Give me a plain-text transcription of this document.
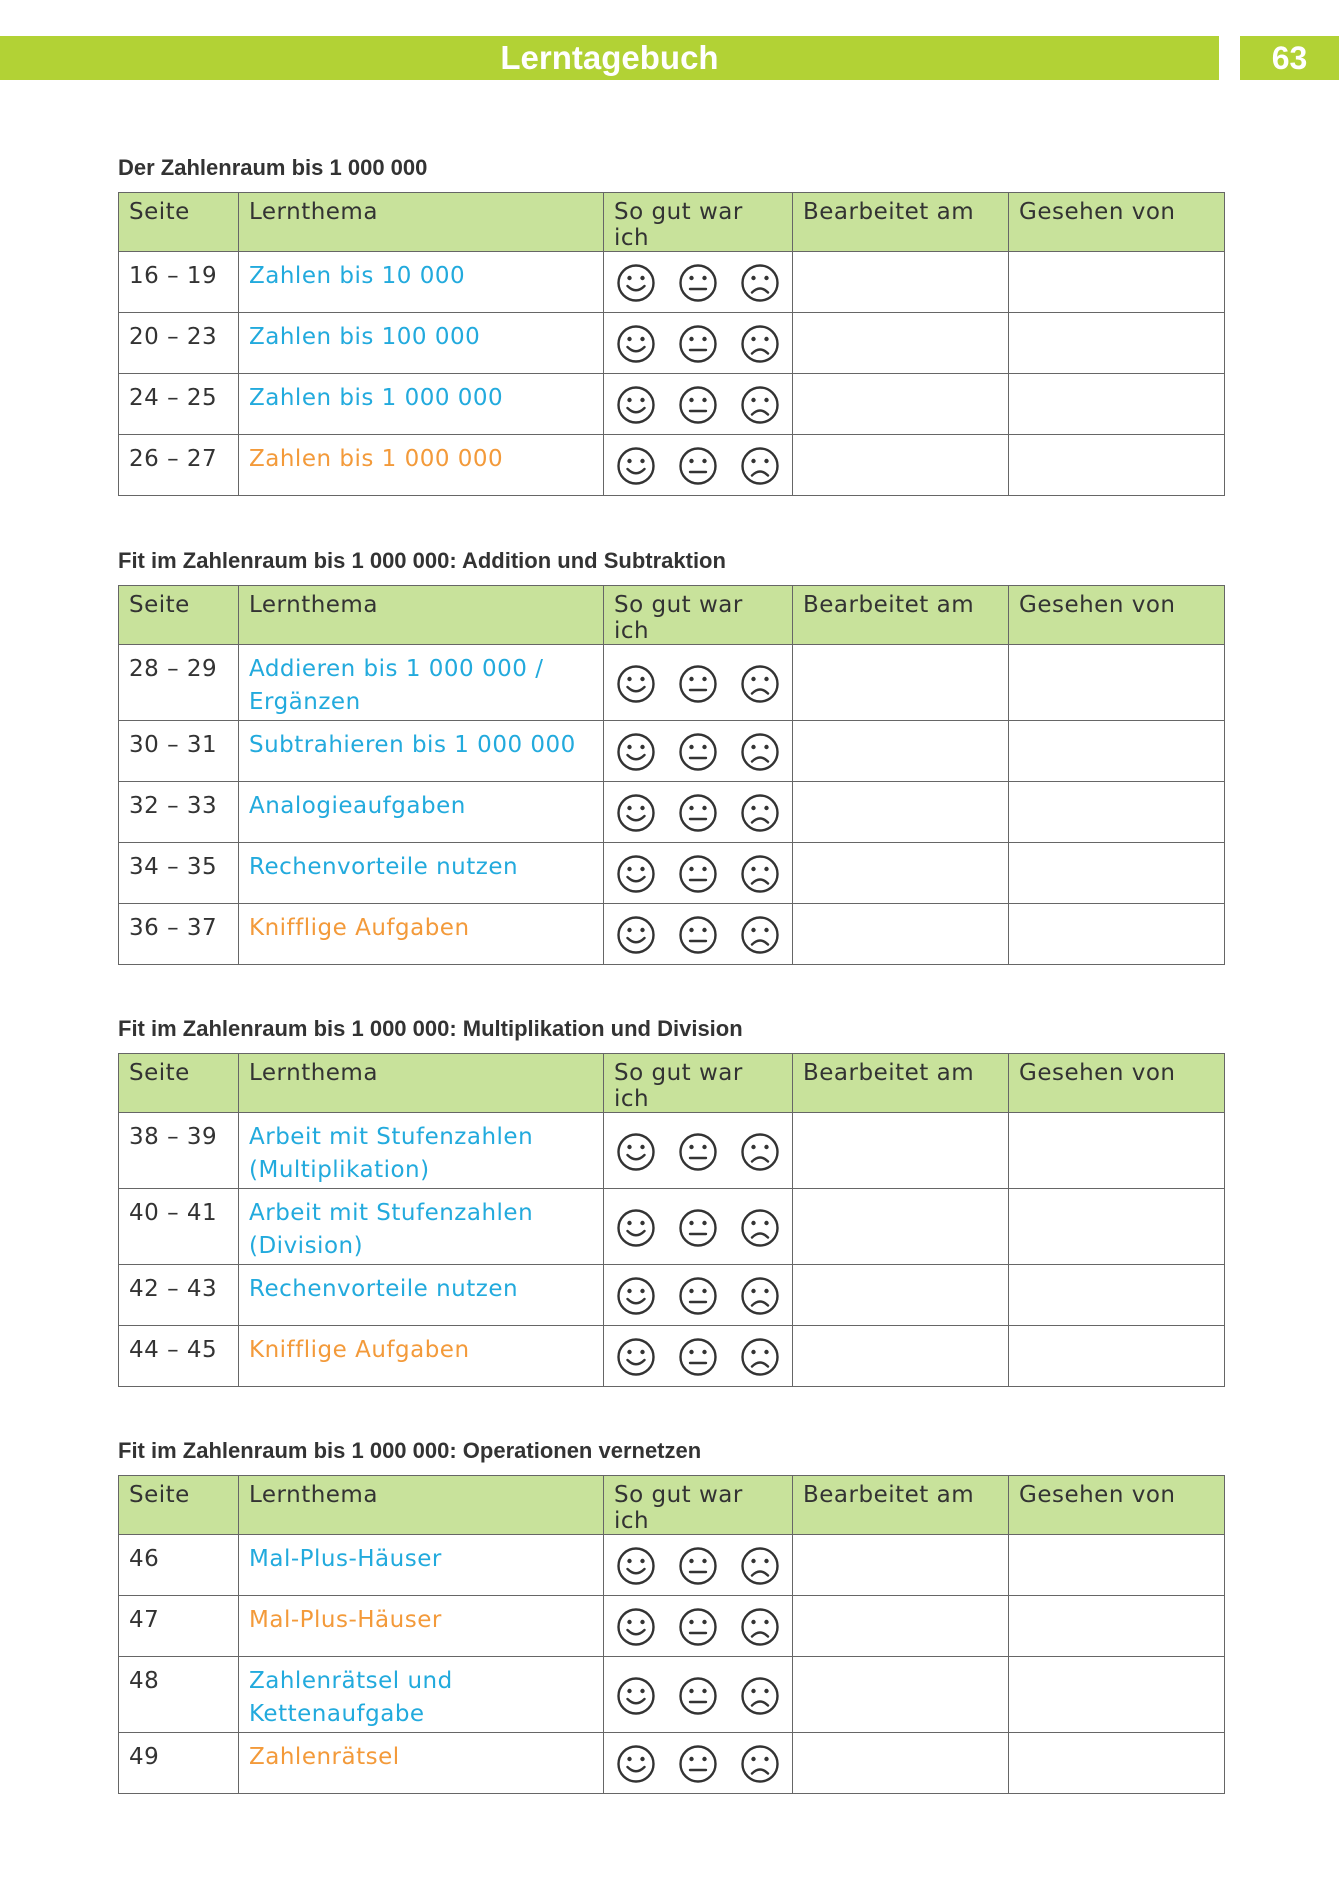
Lerntagebuch	63
Der Zahlenraum bis 1 000 000
Seite	Lernthema	So gut war ich	Bearbeitet am	Gesehen von
16 – 19	Zahlen bis 10 000	

20 – 23	Zahlen bis 100 000	

24 – 25	Zahlen bis 1 000 000	

26 – 27	Zahlen bis 1 000 000	

Fit im Zahlenraum bis 1 000 000: Addition und Subtraktion
Seite	Lernthema	So gut war ich	Bearbeitet am	Gesehen von
28 – 29	Addieren bis 1 000 000 / Ergänzen	

30 – 31	Subtrahieren bis 1 000 000	

32 – 33	Analogieaufgaben	

34 – 35	Rechenvorteile nutzen	

36 – 37	Knifflige Aufgaben	

Fit im Zahlenraum bis 1 000 000: Multiplikation und Division
Seite	Lernthema	So gut war ich	Bearbeitet am	Gesehen von
38 – 39	Arbeit mit Stufenzahlen (Multiplikation)	

40 – 41	Arbeit mit Stufenzahlen (Division)	

42 – 43	Rechenvorteile nutzen	

44 – 45	Knifflige Aufgaben	

Fit im Zahlenraum bis 1 000 000: Operationen vernetzen
Seite	Lernthema	So gut war ich	Bearbeitet am	Gesehen von
46	Mal-Plus-Häuser	

47	Mal-Plus-Häuser	

48	Zahlenrätsel und Kettenaufgabe	

49	Zahlenrätsel	
